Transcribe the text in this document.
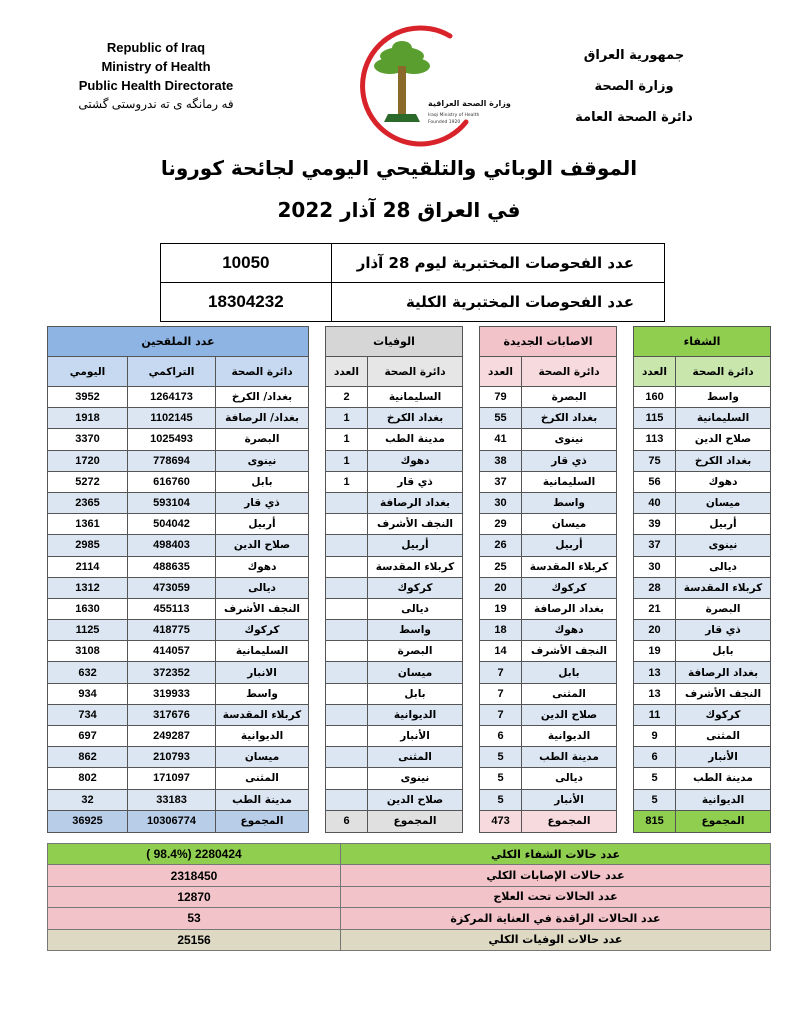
Republic of Iraq
Ministry of Health
Public Health Directorate
فه رمانگه ى ته ندروستى گشتى	وزارة الصحة العراقية
Iraqi Ministry of Health
Founded 1920
جمهورية العراق
وزارة الصحة
دائرة الصحة العامة
الموقف الوبائي والتلقيحي اليومي لجائحة كورونا
في العراق 28 آذار 2022
عدد الفحوصات المختبرية ليوم 28 آذار	10050
عدد الفحوصات المختبرية الكلية	18304232
الشفاء			الاصابات الجديدة			الوفيات			عدد الملقحين		
دائرة الصحة	العدد		دائرة الصحة	العدد		دائرة الصحة	العدد		دائرة الصحة	التراكمي	اليومي
واسط	160		البصرة	79		السليمانية	2		بغداد/ الكرخ	1264173	3952
السليمانية	115		بغداد الكرخ	55		بغداد الكرخ	1		بغداد/ الرصافة	1102145	1918
صلاح الدين	113		نينوى	41		مدينة الطب	1		البصرة	1025493	3370
بغداد الكرخ	75		ذي قار	38		دهوك	1		نينوى	778694	1720
دهوك	56		السليمانية	37		ذي قار	1		بابل	616760	5272
ميسان	40		واسط	30		بغداد الرصافة			ذي قار	593104	2365
أربيل	39		ميسان	29		النجف الأشرف			أربيل	504042	1361
نينوى	37		أربيل	26		أربيل			صلاح الدين	498403	2985
ديالى	30		كربلاء المقدسة	25		كربلاء المقدسة			دهوك	488635	2114
كربلاء المقدسة	28		كركوك	20		كركوك			ديالى	473059	1312
البصرة	21		بغداد الرصافة	19		ديالى			النجف الأشرف	455113	1630
ذي قار	20		دهوك	18		واسط			كركوك	418775	1125
بابل	19		النجف الأشرف	14		البصرة			السليمانية	414057	3108
بغداد الرصافة	13		بابل	7		ميسان			الانبار	372352	632
النجف الأشرف	13		المثنى	7		بابل			واسط	319933	934
كركوك	11		صلاح الدين	7		الديوانية			كربلاء المقدسة	317676	734
المثنى	9		الديوانية	6		الأنبار			الديوانية	249287	697
الأنبار	6		مدينة الطب	5		المثنى			ميسان	210793	862
مدينة الطب	5		ديالى	5		نينوى			المثنى	171097	802
الديوانية	5		الأنبار	5		صلاح الدين			مدينة الطب	33183	32
المجموع	815		المجموع	473		المجموع	6		المجموع	10306774	36925
عدد حالات الشفاء الكلي	( 98.4%) 2280424
عدد حالات الإصابات الكلي	2318450
عدد الحالات تحت العلاج	12870
عدد الحالات الراقدة في العناية المركزة	53
عدد حالات الوفيات الكلي	25156
